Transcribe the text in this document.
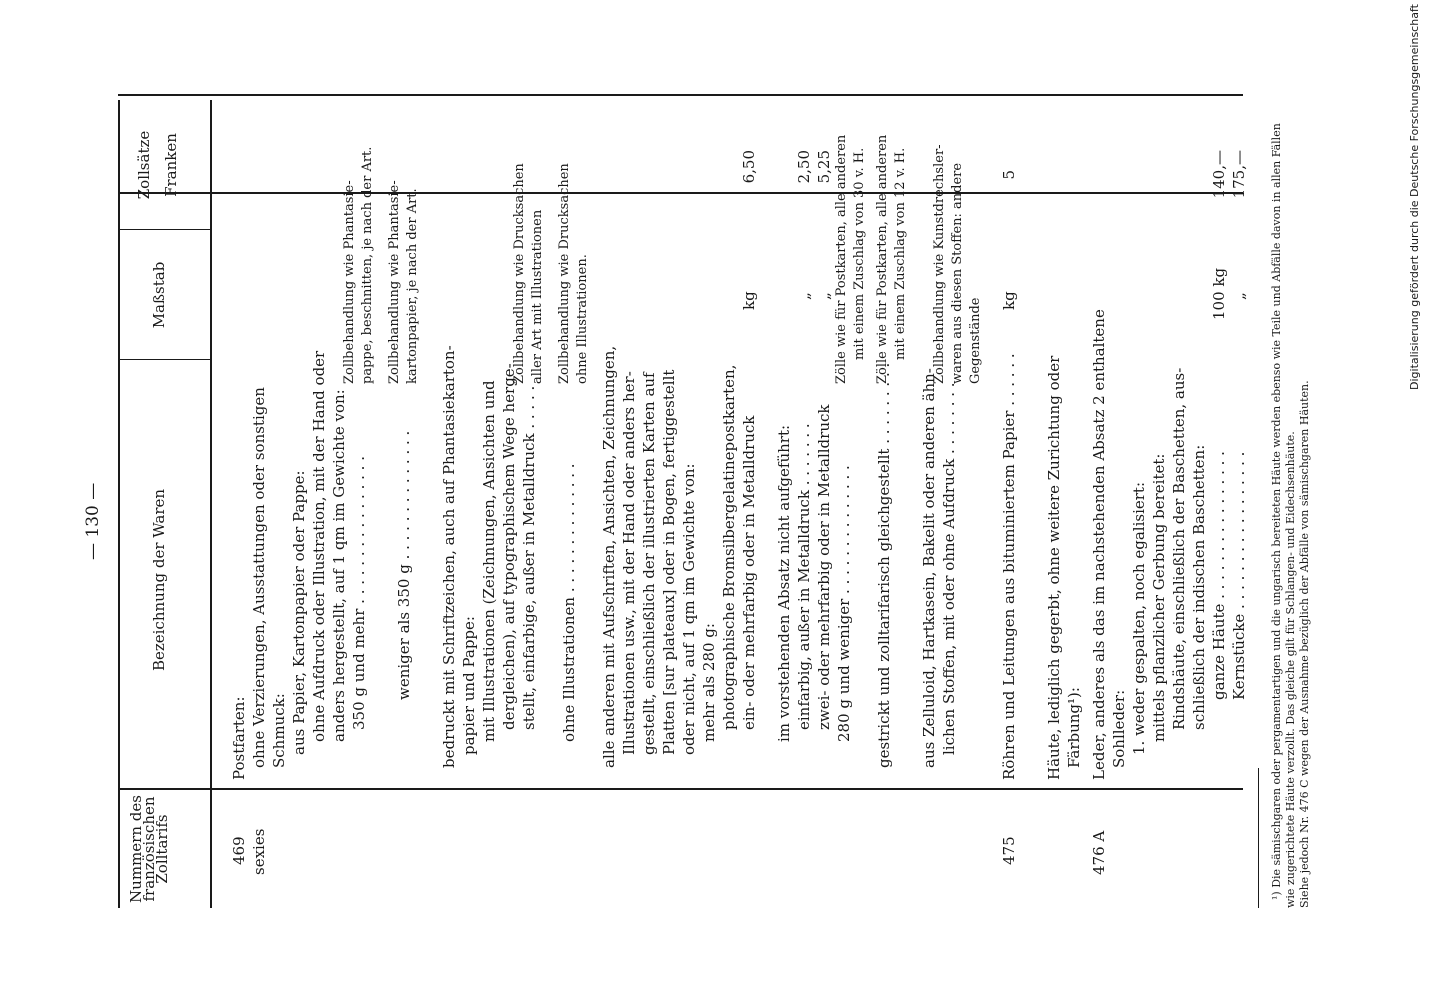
— 130 —
Nummern des französischen Zolltarifs
Bezeichnung der Waren
Maßstab
Zollsätze Franken
469 sexies
Postfarten: ohne Verzierungen, Ausstattungen oder sonstigen Schmuck: aus Papier, Kartonpapier oder Pappe: ohne Aufdruck oder Illustration, mit der Hand oder anders hergestellt, auf 1 qm im Gewichte von: 350 g und mehr . . . . . . . . . . . . . . . .
Zollbehandlung wie Phantasie- pappe, beschnitten, je nach der Art.
weniger als 350 g . . . . . . . . . . . . . .
Zollbehandlung wie Phantasie- kartonpapier, je nach der Art.
bedruckt mit Schriftzeichen, auch auf Phantasiekarton- papier und Pappe: mit Illustrationen (Zeichnungen, Ansichten und dergleichen), auf typographischem Wege herge- stellt, einfarbige, außer in Metalldruck . . . . .
Zollbehandlung wie Drucksachen aller Art mit Illustrationen
ohne Illustrationen . . . . . . . . . . . . . .
Zollbehandlung wie Drucksachen ohne Illustrationen.
alle anderen mit Aufschriften, Ansichten, Zeichnungen, Illustrationen usw., mit der Hand oder anders her- gestellt, einschließlich der illustrierten Karten auf Platten [sur plateaux] oder in Bogen, fertiggestellt oder nicht, auf 1 qm im Gewichte von: mehr als 280 g: photographische Bromsilbergelatinepostkarten, ein- oder mehrfarbig oder in Metalldruck
kg
6,50
im vorstehenden Absatz nicht aufgeführt: einfarbig, außer in Metalldruck . . . . . . .
„
2,50
zwei- oder mehrfarbig oder in Metalldruck
„
5,25
280 g und weniger . . . . . . . . . . . . . .
Zölle wie für Postkarten, alle anderen mit einem Zuschlag von 30 v. H.
gestrickt und zolltarifarisch gleichgestellt . . . . . . . . .
Zölle wie für Postkarten, alle anderen mit einem Zuschlag von 12 v. H.
aus Zelluloid, Hartkasein, Bakelit oder anderen ähn- lichen Stoffen, mit oder ohne Aufdruck . . . . . . . .
Zollbehandlung wie Kunstdrechsler- waren aus diesen Stoffen: andere Gegenstände
475
Röhren und Leitungen aus bituminiertem Papier . . . . . .
kg
5
Häute, lediglich gegerbt, ohne weitere Zurichtung oder Färbung¹):
476 A
Leder, anderes als das im nachstehenden Absatz 2 enthaltene Sohlleder: 1. weder gespalten, noch egalisiert: mittels pflanzlicher Gerbung bereitet: Rindshäute, einschließlich der Baschetten, aus- schließlich der indischen Baschetten: ganze Häute . . . . . . . . . . . . . . . .
100 kg
140,—
Kernstücke . . . . . . . . . . . . . . . . .
„
175,— ¹) Die sämischgaren oder pergamentartigen und die ungarisch bereiteten Häute werden ebenso wie Teile und Abfälle davon in allen Fällen wie zugerichtete Häute verzollt. Das gleiche gilt für Schlangen- und Eidechsenhäute. Siehe jedoch Nr. 476 C wegen der Ausnahme bezüglich der Abfälle von sämischgaren Häuten.
Digitalisierung gefördert durch die Deutsche Forschungsgemeinschaft
